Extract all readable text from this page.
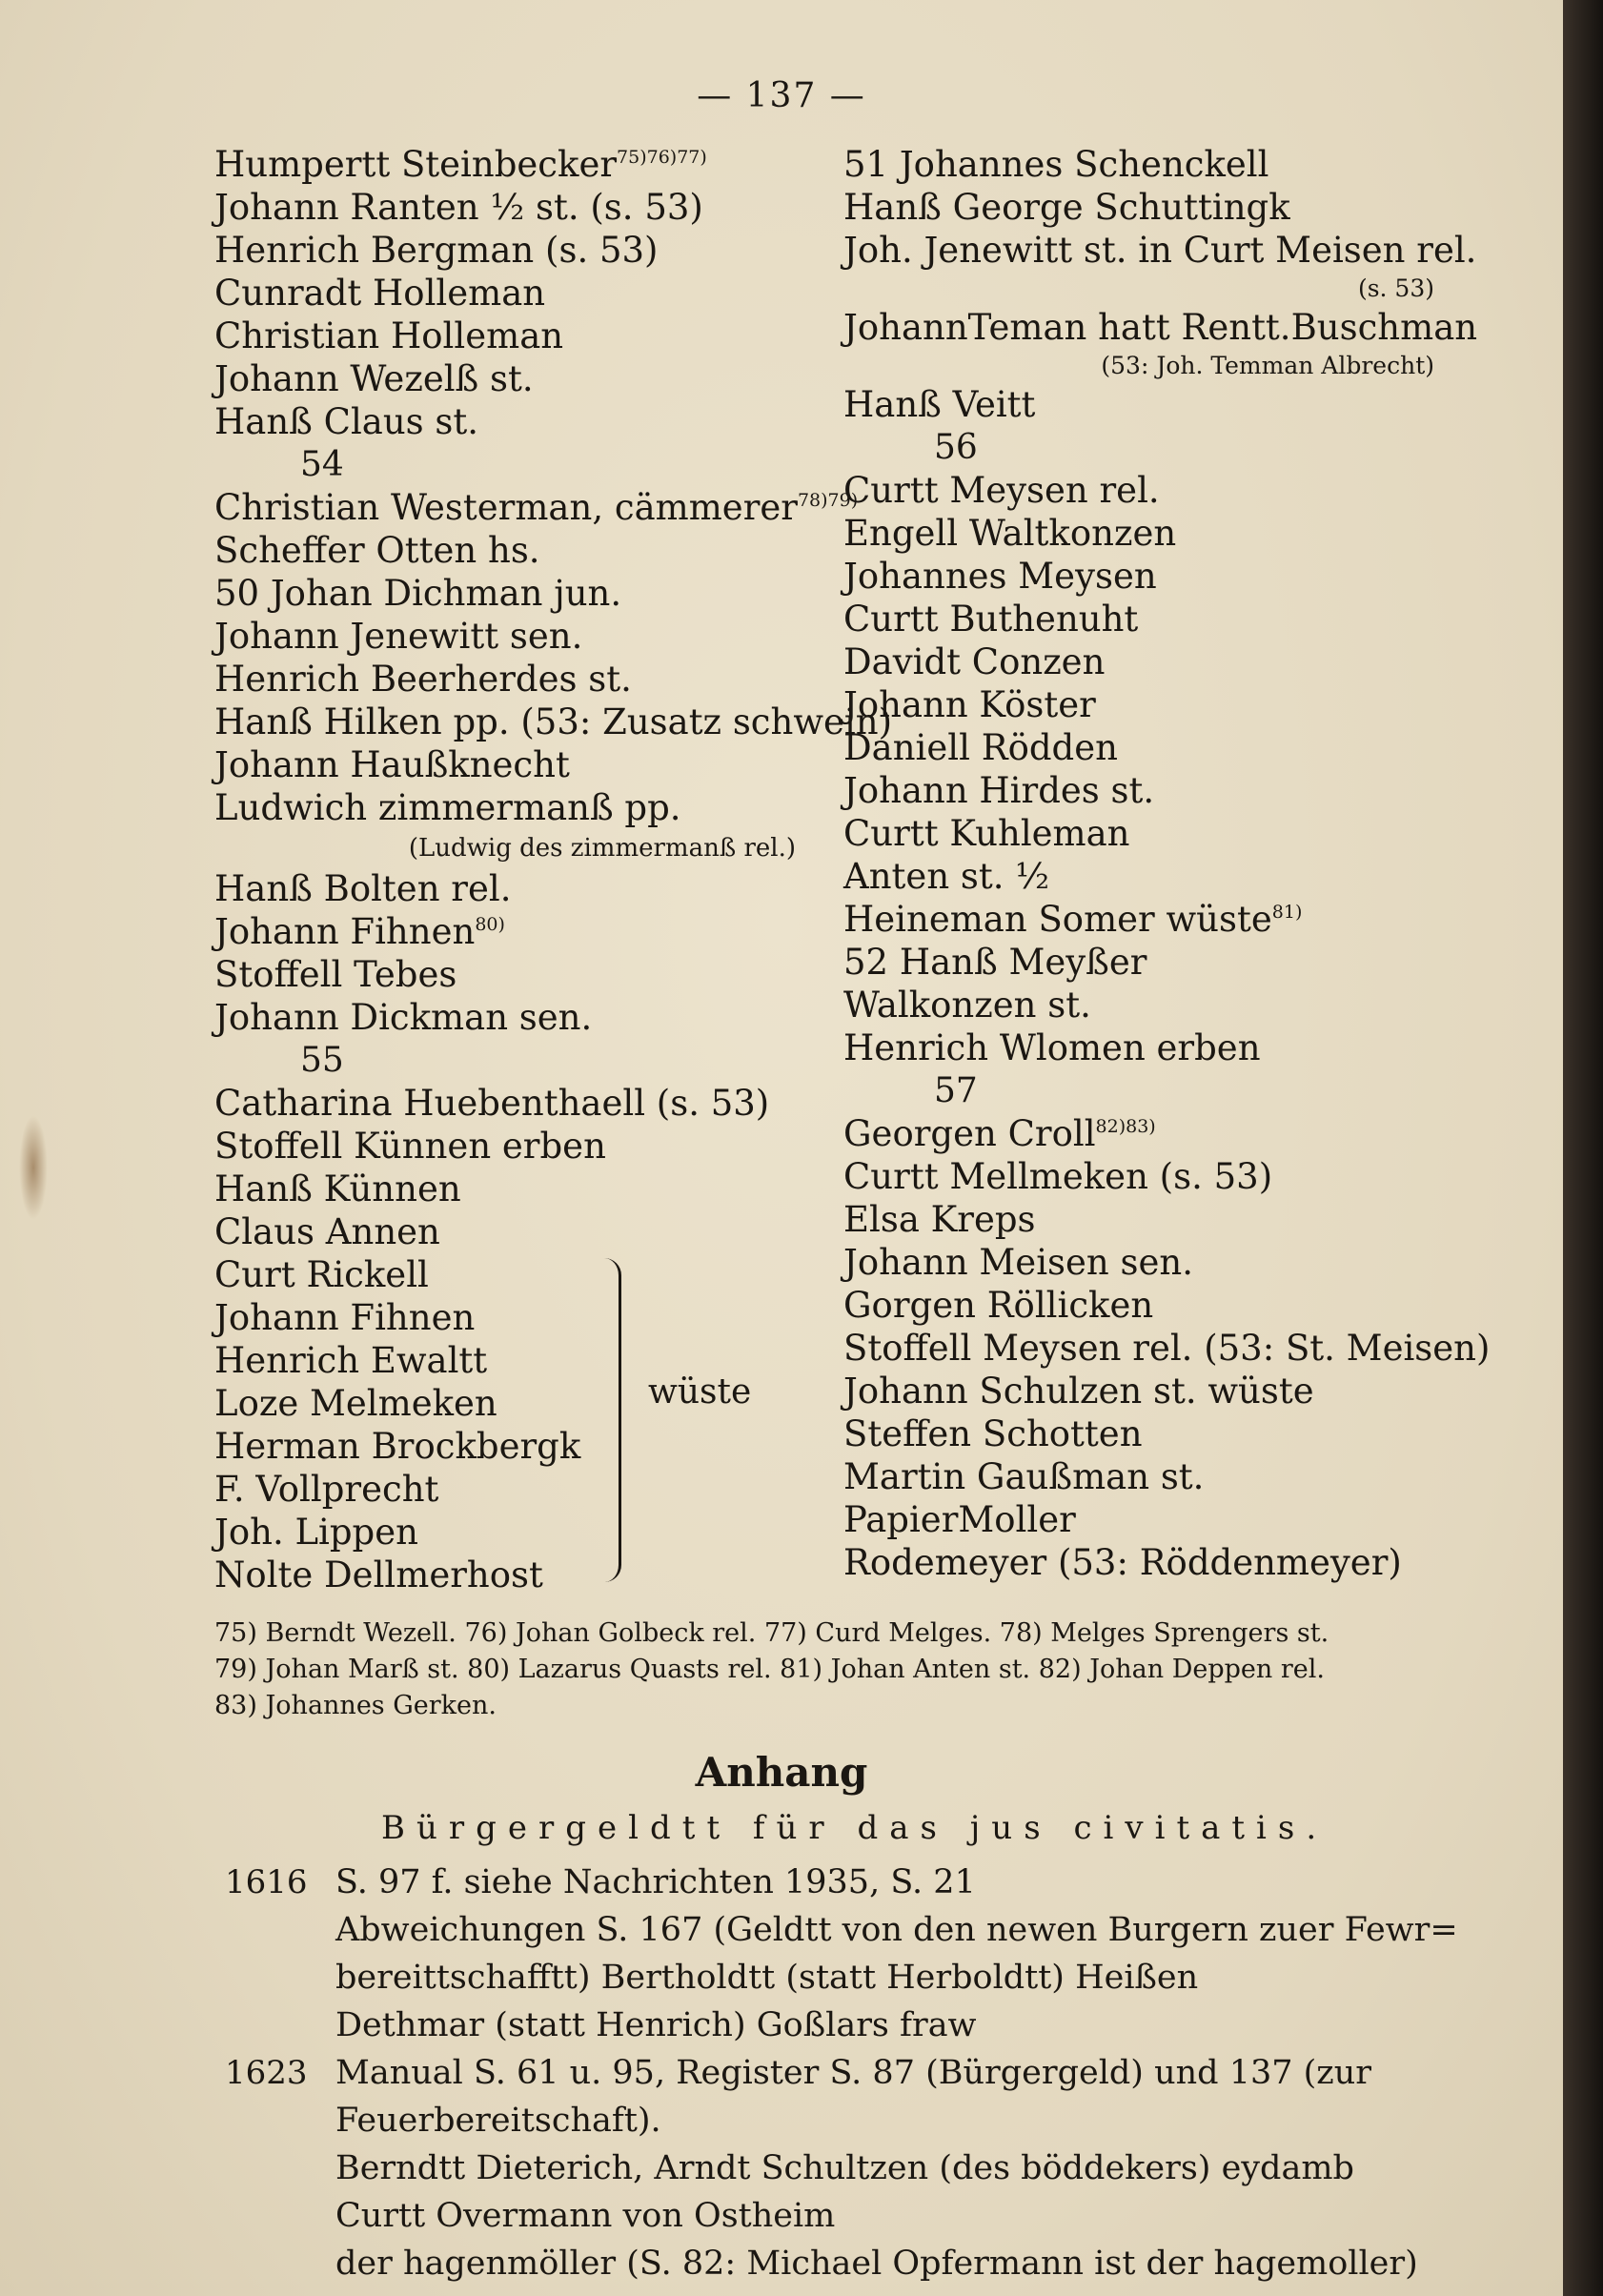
— 137 —
Humpertt Steinbecker$^{75)76)77)}$
Johann Ranten ½ st. (s. 53)
Henrich Bergman (s. 53)
Cunradt Holleman
Christian Holleman
Johann Wezelß st.
Hanß Claus st.
54
Christian Westerman, cämmerer$^{78)79)}$
Scheffer Otten hs.
50 Johan Dichman jun.
Johann Jenewitt sen.
Henrich Beerherdes st.
Hanß Hilken pp. (53: Zusatz schwein)
Johann Haußknecht
Ludwich zimmermanß pp.
(Ludwig des zimmermanß rel.)
Hanß Bolten rel.
Johann Fihnen$^{80)}$
Stoffell Tebes
Johann Dickman sen.
55
Catharina Huebenthaell (s. 53)
Stoffell Künnen erben
Hanß Künnen
Claus Annen
Curt Rickell
Johann Fihnen
Henrich Ewaltt
Loze Melmeken
Herman Brockbergk
F. Vollprecht
Joh. Lippen
Nolte Dellmerhost
wüste
51 Johannes Schenckell
Hanß George Schuttingk
Joh. Jenewitt st. in Curt Meisen rel.
(s. 53)
JohannTeman hatt Rentt.Buschman
(53: Joh. Temman Albrecht)
Hanß Veitt
56
Curtt Meysen rel.
Engell Waltkonzen
Johannes Meysen
Curtt Buthenuht
Davidt Conzen
Johann Köster
Daniell Rödden
Johann Hirdes st.
Curtt Kuhleman
Anten st. ½
Heineman Somer wüste$^{81)}$
52 Hanß Meyßer
Walkonzen st.
Henrich Wlomen erben
57
Georgen Croll$^{82)83)}$
Curtt Mellmeken (s. 53)
Elsa Kreps
Johann Meisen sen.
Gorgen Röllicken
Stoffell Meysen rel. (53: St. Meisen)
Johann Schulzen st. wüste
Steffen Schotten
Martin Gaußman st.
PapierMoller
Rodemeyer (53: Röddenmeyer)
75) Berndt Wezell. 76) Johan Golbeck rel. 77) Curd Melges. 78) Melges Sprengers st.
79) Johan Marß st. 80) Lazarus Quasts rel. 81) Johan Anten st. 82) Johan Deppen rel.
83) Johannes Gerken.
Anhang
Bürgergeldtt für das jus civitatis.
1616 S. 97 f. siehe Nachrichten 1935, S. 21
Abweichungen S. 167 (Geldtt von den newen Burgern zuer Fewr=
bereittschafftt) Bertholdtt (statt Herboldtt) Heißen
Dethmar (statt Henrich) Goßlars fraw
1623 Manual S. 61 u. 95, Register S. 87 (Bürgergeld) und 137 (zur
Feuerbereitschaft).
Berndtt Dieterich, Arndt Schultzen (des böddekers) eydamb
Curtt Overmann von Ostheim
der hagenmöller (S. 82: Michael Opfermann ist der hagemoller)
